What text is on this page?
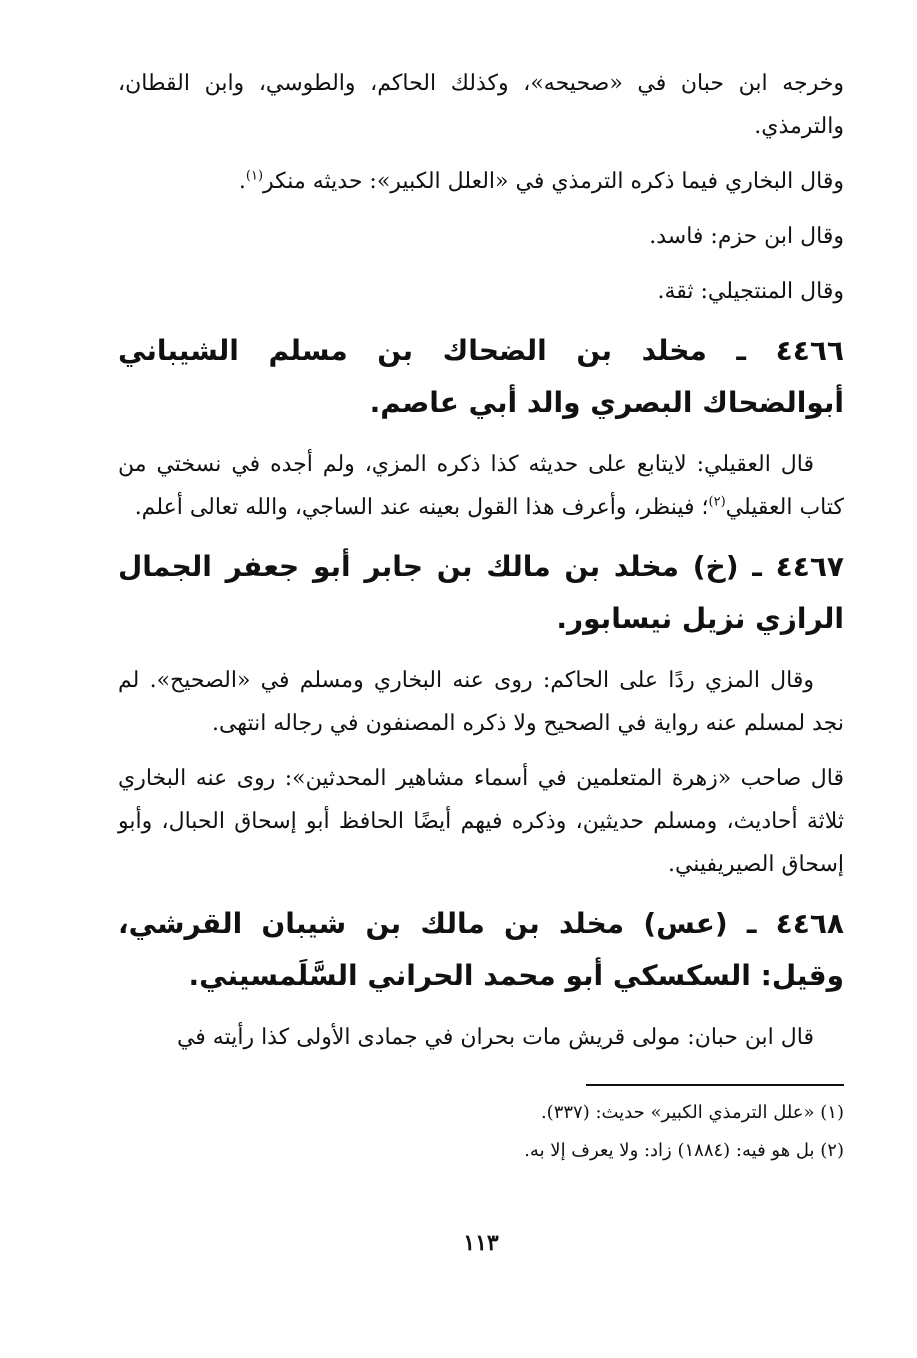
وخرجه ابن حبان في «صحيحه»، وكذلك الحاكم، والطوسي، وابن القطان، والترمذي.

وقال البخاري فيما ذكره الترمذي في «العلل الكبير»: حديثه منكر$^{(١)}$.

وقال ابن حزم: فاسد.

وقال المنتجيلي: ثقة.

٤٤٦٦ ـ مخلد بن الضحاك بن مسلم الشيباني أبوالضحاك البصري والد أبي عاصم.

قال العقيلي: لايتابع على حديثه كذا ذكره المزي، ولم أجده في نسختي من كتاب العقيلي$^{(٢)}$؛ فينظر، وأعرف هذا القول بعينه عند الساجي، والله تعالى أعلم.

٤٤٦٧ ـ (خ) مخلد بن مالك بن جابر أبو جعفر الجمال الرازي نزيل نيسابور.

وقال المزي ردًا على الحاكم: روى عنه البخاري ومسلم في «الصحيح». لم نجد لمسلم عنه رواية في الصحيح ولا ذكره المصنفون في رجاله انتهى.

قال صاحب «زهرة المتعلمين في أسماء مشاهير المحدثين»: روى عنه البخاري ثلاثة أحاديث، ومسلم حديثين، وذكره فيهم أيضًا الحافظ أبو إسحاق الحبال، وأبو إسحاق الصيريفيني.

٤٤٦٨ ـ (عس) مخلد بن مالك بن شيبان القرشي، وقيل: السكسكي أبو محمد الحراني السَّلَمسيني.

قال ابن حبان: مولى قريش مات بحران في جمادى الأولى كذا رأيته في

(١) «علل الترمذي الكبير» حديث: (٣٣٧).

(٢) بل هو فيه: (١٨٨٤) زاد: ولا يعرف إلا به.

١١٣
